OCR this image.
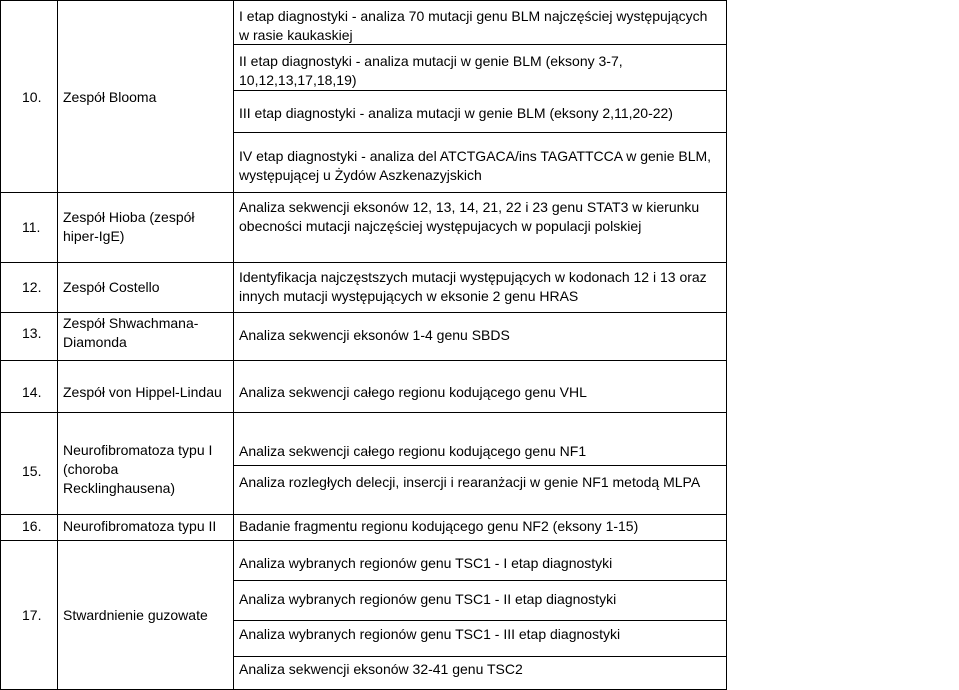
10. Zespół Blooma
I etap diagnostyki - analiza 70 mutacji genu BLM najczęściej występujących w rasie kaukaskiej
II etap diagnostyki - analiza mutacji w genie BLM (eksony 3-7, 10,12,13,17,18,19)
III etap diagnostyki - analiza mutacji w genie BLM (eksony 2,11,20-22)
IV etap diagnostyki - analiza del ATCTGACA/ins TAGATTCCA w genie BLM, występującej u Żydów Aszkenazyjskich
11.
Zespół Hioba (zespół hiper-IgE)
Analiza sekwencji eksonów 12, 13, 14, 21, 22 i 23 genu STAT3 w kierunku obecności mutacji najczęściej występujacych w populacji polskiej
12. Zespół Costello
Identyfikacja najczęstszych mutacji występujących w kodonach 12 i 13 oraz innych mutacji występujących w eksonie 2 genu HRAS
13.
Zespół Shwachmana-Diamonda	Analiza sekwencji eksonów 1-4 genu SBDS
14. Zespół von Hippel-Lindau Analiza sekwencji całego regionu kodującego genu VHL
15.
Neurofibromatoza typu I (choroba Recklinghausena)
Analiza sekwencji całego regionu kodującego genu NF1
Analiza rozległych delecji, insercji i rearanżacji w genie NF1 metodą MLPA
16. Neurofibromatoza typu II Badanie fragmentu regionu kodującego genu NF2 (eksony 1-15)
17. Stwardnienie guzowate
Analiza wybranych regionów genu TSC1 - I etap diagnostyki
Analiza wybranych regionów genu TSC1 - II etap diagnostyki
Analiza wybranych regionów genu TSC1 - III etap diagnostyki
Analiza sekwencji eksonów 32-41 genu TSC2
